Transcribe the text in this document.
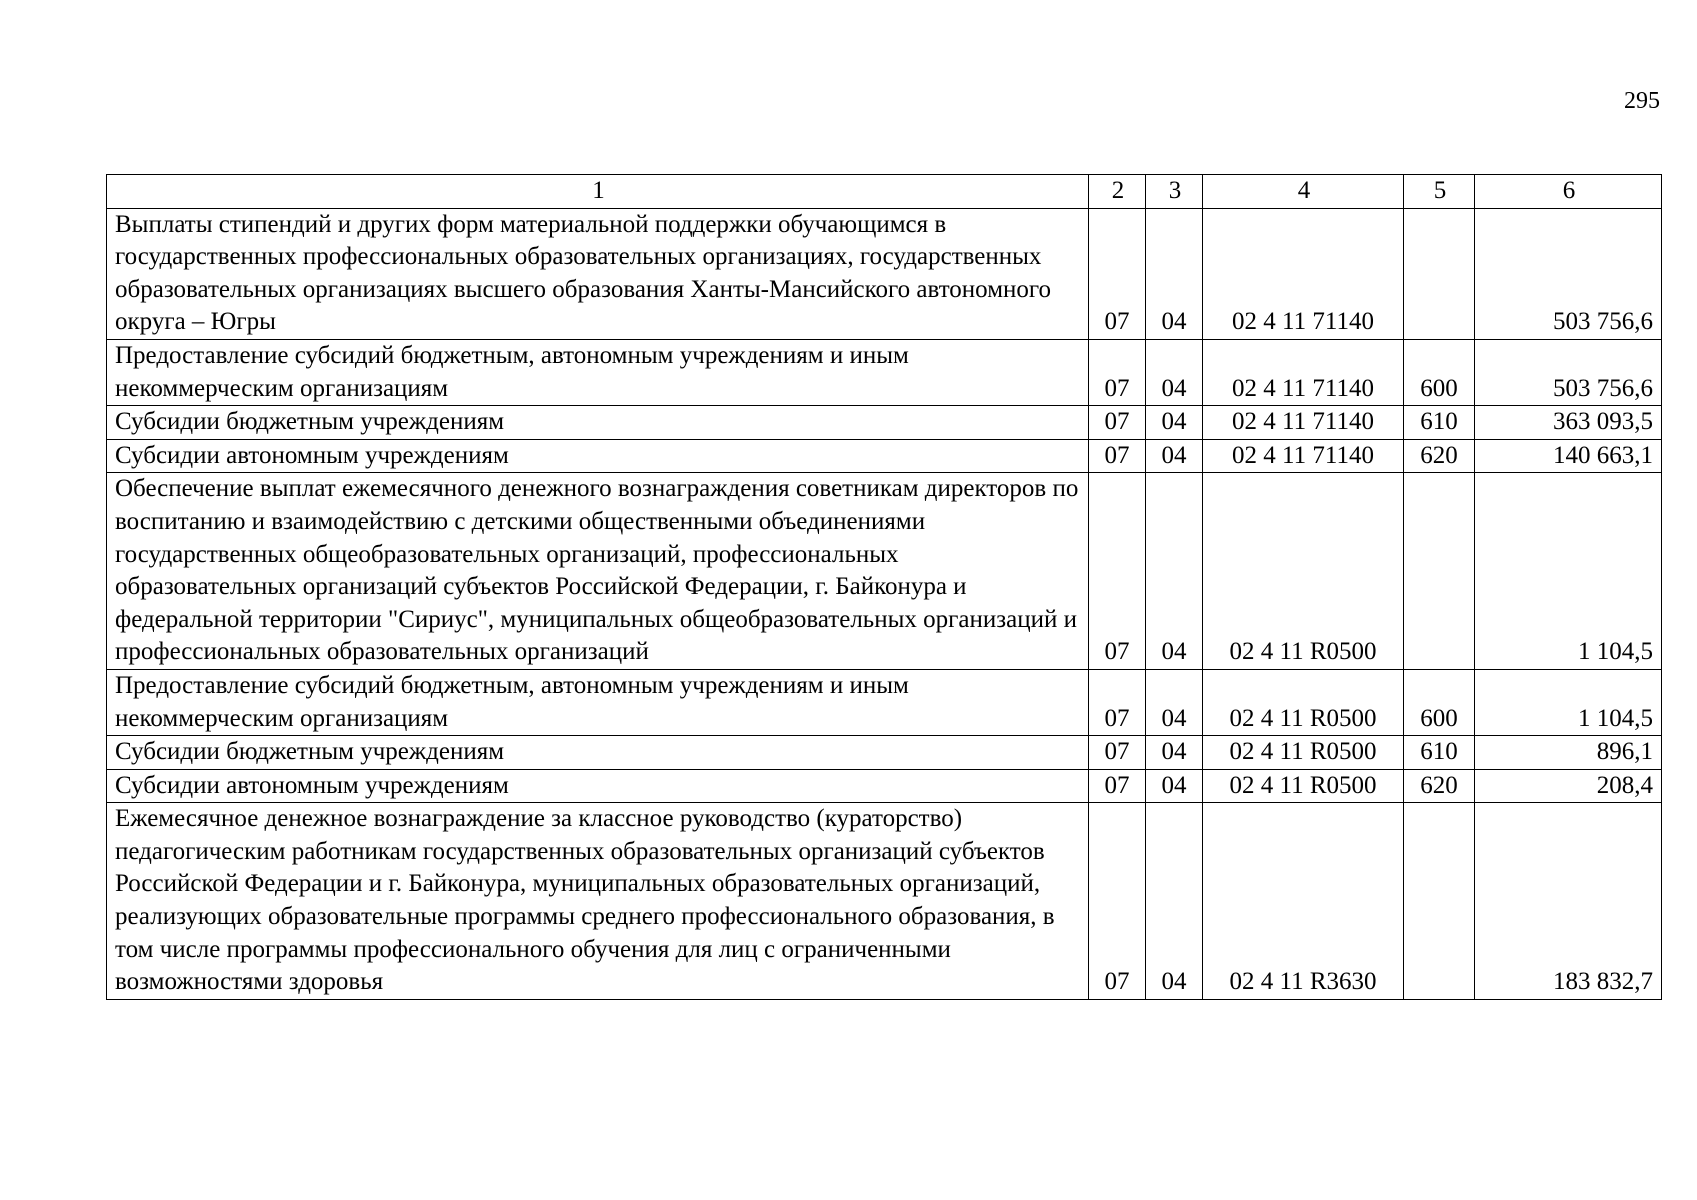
295
1	2	3	4	5	6
Выплаты стипендий и других форм материальной поддержки обучающимся в государственных профессиональных образовательных организациях, государственных образовательных организациях высшего образования Ханты-Мансийского автономного округа – Югры	07	04	02 4 11 71140		503 756,6
Предоставление субсидий бюджетным, автономным учреждениям и иным некоммерческим организациям	07	04	02 4 11 71140	600	503 756,6
Субсидии бюджетным учреждениям	07	04	02 4 11 71140	610	363 093,5
Субсидии автономным учреждениям	07	04	02 4 11 71140	620	140 663,1
Обеспечение выплат ежемесячного денежного вознаграждения советникам директоров по воспитанию и взаимодействию с детскими общественными объединениями государственных общеобразовательных организаций, профессиональных образовательных организаций субъектов Российской Федерации, г. Байконура и федеральной территории "Сириус", муниципальных общеобразовательных организаций и профессиональных образовательных организаций	07	04	02 4 11 R0500		1 104,5
Предоставление субсидий бюджетным, автономным учреждениям и иным некоммерческим организациям	07	04	02 4 11 R0500	600	1 104,5
Субсидии бюджетным учреждениям	07	04	02 4 11 R0500	610	896,1
Субсидии автономным учреждениям	07	04	02 4 11 R0500	620	208,4
Ежемесячное денежное вознаграждение за классное руководство (кураторство) педагогическим работникам государственных образовательных организаций субъектов Российской Федерации и г. Байконура, муниципальных образовательных организаций, реализующих образовательные программы среднего профессионального образования, в том числе программы профессионального обучения для лиц с ограниченными возможностями здоровья	07	04	02 4 11 R3630		183 832,7
